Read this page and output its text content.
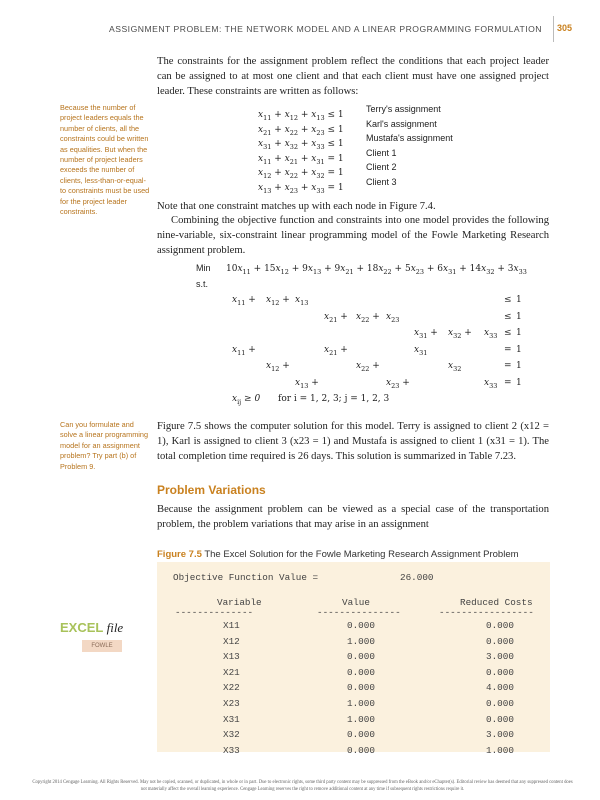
ASSIGNMENT PROBLEM: THE NETWORK MODEL AND A LINEAR PROGRAMMING FORMULATION 305
The constraints for the assignment problem reflect the conditions that each project leader can be assigned to at most one client and that each client must have one assigned project leader. These constraints are written as follows:
Because the number of project leaders equals the number of clients, all the constraints could be written as equalities. But when the number of project leaders exceeds the number of clients, less-than-or-equal-to constraints must be used for the project leader constraints.
$x_{11} + x_{12} + x_{13} \le 1$
Terry's assignment
$x_{21} + x_{22} + x_{23} \le 1$
Karl's assignment
$x_{31} + x_{32} + x_{33} \le 1$
Mustafa's assignment
$x_{11} + x_{21} + x_{31} = 1$
Client 1
$x_{12} + x_{22} + x_{32} = 1$
Client 2
$x_{13} + x_{23} + x_{33} = 1$
Client 3
Note that one constraint matches up with each node in Figure 7.4.
Combining the objective function and constraints into one model provides the following nine-variable, six-constraint linear programming model of the Fowle Marketing Research assignment problem.
Min $10x_{11} + 15x_{12} + 9x_{13} + 9x_{21} + 18x_{22} + 5x_{23} + 6x_{31} + 14x_{32} + 3x_{33}$
s.t.
$x_{11} + x_{12} + x_{13}$	≤ 1
$x_{21} + x_{22} + x_{23}$	≤ 1
$x_{31} + x_{32} + x_{33} \le 1$
$x_{11}$ +	$x_{21}$ +	$x_{31}$	= 1
$x_{12}$ +	$x_{22}$ +	$x_{32}$	= 1
$x_{13}$ +	$x_{23}$ +	$x_{33} = 1$
$x_{ij} \ge 0$ for i = 1, 2, 3; j = 1, 2, 3
Can you formulate and solve a linear programming model for an assignment problem? Try part (b) of Problem 9.
Figure 7.5 shows the computer solution for this model. Terry is assigned to client 2 (x12 = 1), Karl is assigned to client 3 (x23 = 1) and Mustafa is assigned to client 1 (x31 = 1). The total completion time required is 26 days. This solution is summarized in Table 7.23.
Problem Variations
Because the assignment problem can be viewed as a special case of the transportation problem, the problem variations that may arise in an assignment
Figure 7.5 The Excel Solution for the Fowle Marketing Research Assignment Problem
Objective Function Value =	26.000
Variable	Value	Reduced Costs
--------------	---------------	-----------------
X11	0.000	0.000
X12	1.000	0.000
X13	0.000	3.000
X21	0.000	0.000
X22	0.000	4.000
X23	1.000	0.000
X31	1.000	0.000
X32	0.000	3.000
X33	0.000	1.000
EXCEL file
FOWLE
Copyright 2014 Cengage Learning. All Rights Reserved. May not be copied, scanned, or duplicated, in whole or in part. Due to electronic rights, some third party content may be suppressed from the eBook and/or eChapter(s). Editorial review has deemed that any suppressed content does not materially affect the overall learning experience. Cengage Learning reserves the right to remove additional content at any time if subsequent rights restrictions require it.
